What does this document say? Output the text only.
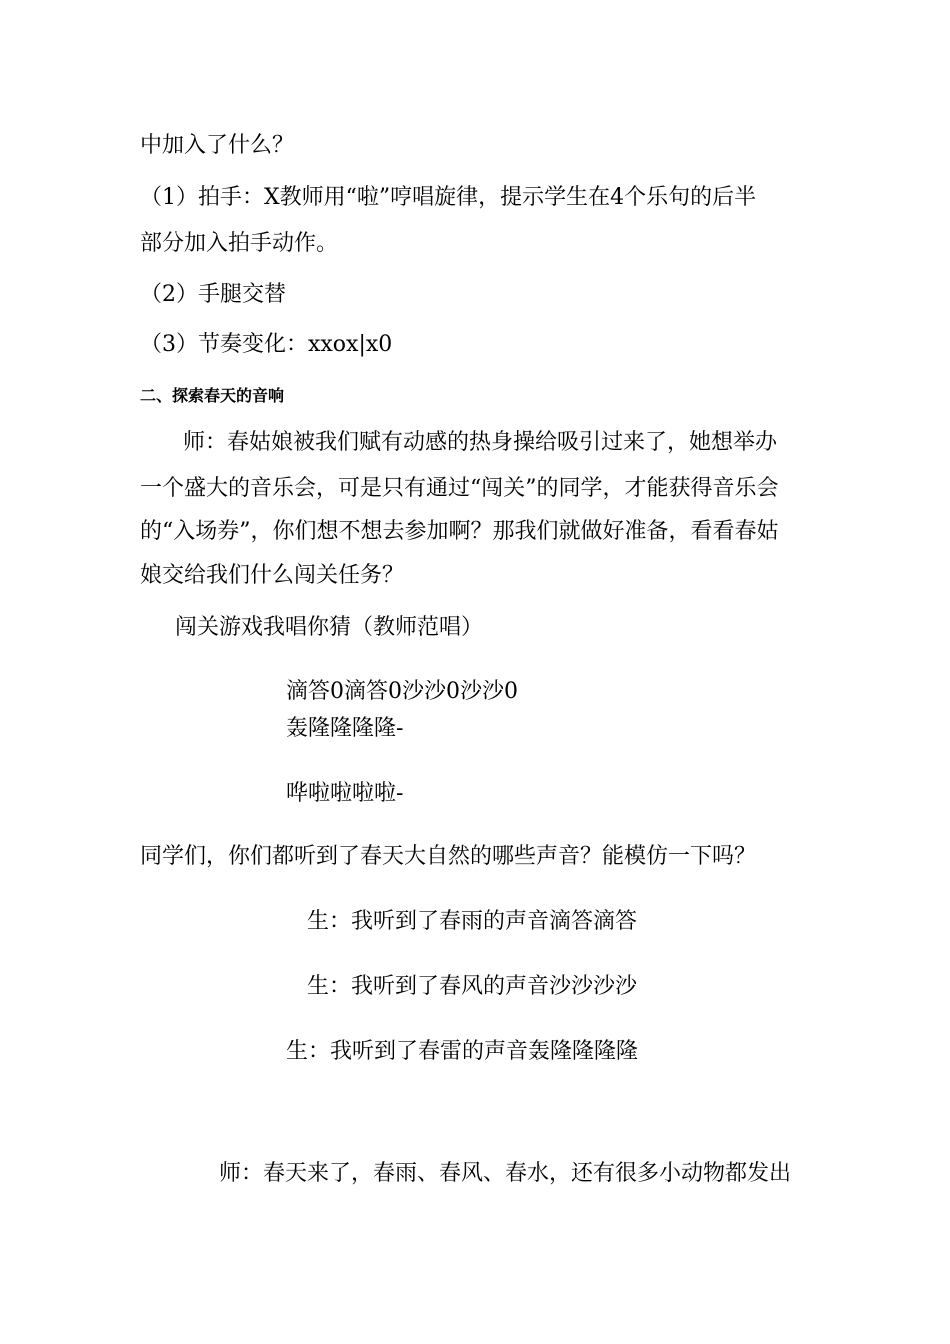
中加入了什么？
（1）拍手：X教师用“啦”哼唱旋律，提示学生在4个乐句的后半
部分加入拍手动作。
（2）手腿交替
（3）节奏变化：xxox|x0
二、探索春天的音响
师：春姑娘被我们赋有动感的热身操给吸引过来了，她想举办
一个盛大的音乐会，可是只有通过“闯关”的同学，才能获得音乐会
的“入场券”，你们想不想去参加啊？那我们就做好准备，看看春姑
娘交给我们什么闯关任务？
闯关游戏我唱你猜（教师范唱）
滴答0滴答0沙沙0沙沙0
轰隆隆隆隆-
哗啦啦啦啦-
同学们，你们都听到了春天大自然的哪些声音？能模仿一下吗？
生：我听到了春雨的声音滴答滴答
生：我听到了春风的声音沙沙沙沙
生：我听到了春雷的声音轰隆隆隆隆
师：春天来了，春雨、春风、春水，还有很多小动物都发出
